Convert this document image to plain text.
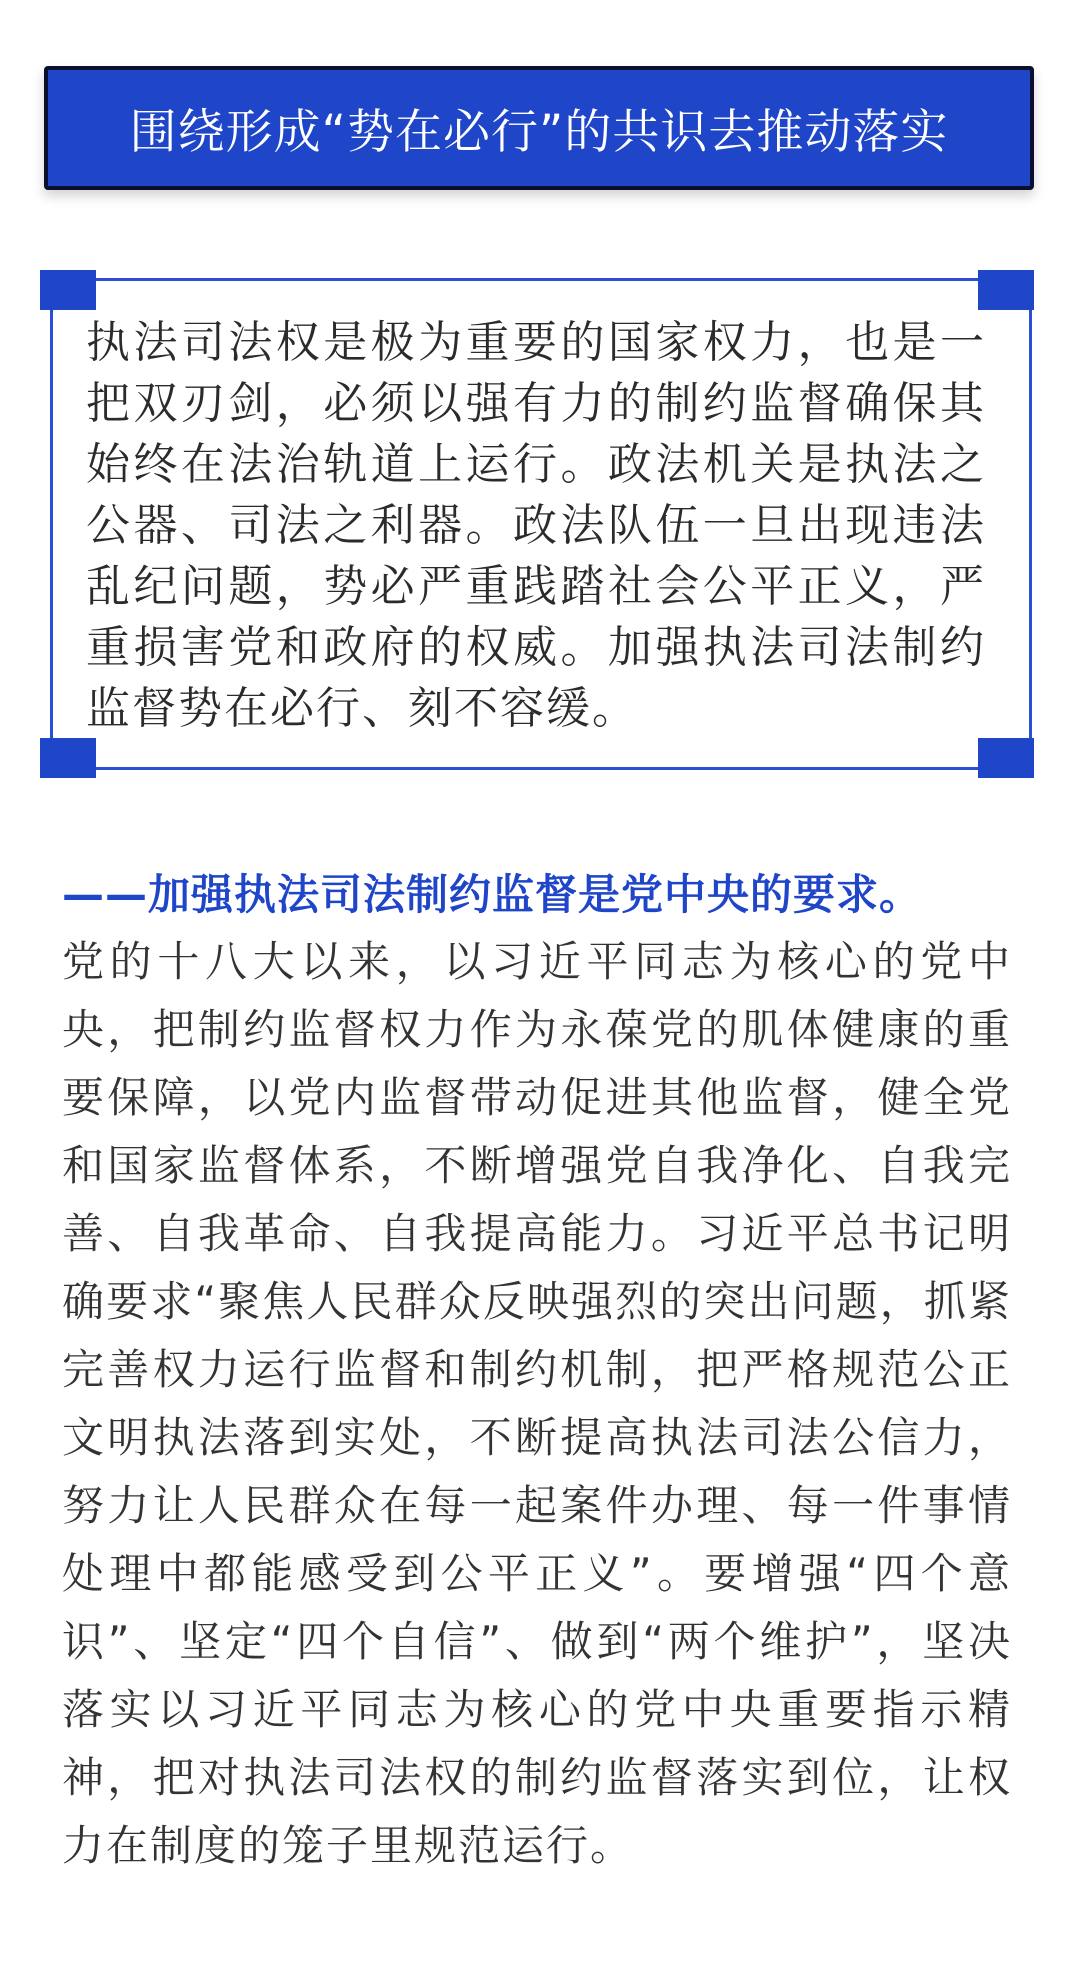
围绕形成“势在必行”的共识去推动落实
执法司法权是极为重要的国家权力，也是一把双刃剑，必须以强有力的制约监督确保其始终在法治轨道上运行。政法机关是执法之公器、司法之利器。政法队伍一旦出现违法乱纪问题，势必严重践踏社会公平正义，严重损害党和政府的权威。加强执法司法制约监督势在必行、刻不容缓。
——加强执法司法制约监督是党中央的要求。
党的十八大以来，以习近平同志为核心的党中央，把制约监督权力作为永葆党的肌体健康的重要保障，以党内监督带动促进其他监督，健全党和国家监督体系，不断增强党自我净化、自我完善、自我革命、自我提高能力。习近平总书记明确要求“聚焦人民群众反映强烈的突出问题，抓紧完善权力运行监督和制约机制，把严格规范公正文明执法落到实处，不断提高执法司法公信力，努力让人民群众在每一起案件办理、每一件事情处理中都能感受到公平正义”。要增强“四个意识”、坚定“四个自信”、做到“两个维护”，坚决落实以习近平同志为核心的党中央重要指示精神，把对执法司法权的制约监督落实到位，让权力在制度的笼子里规范运行。
